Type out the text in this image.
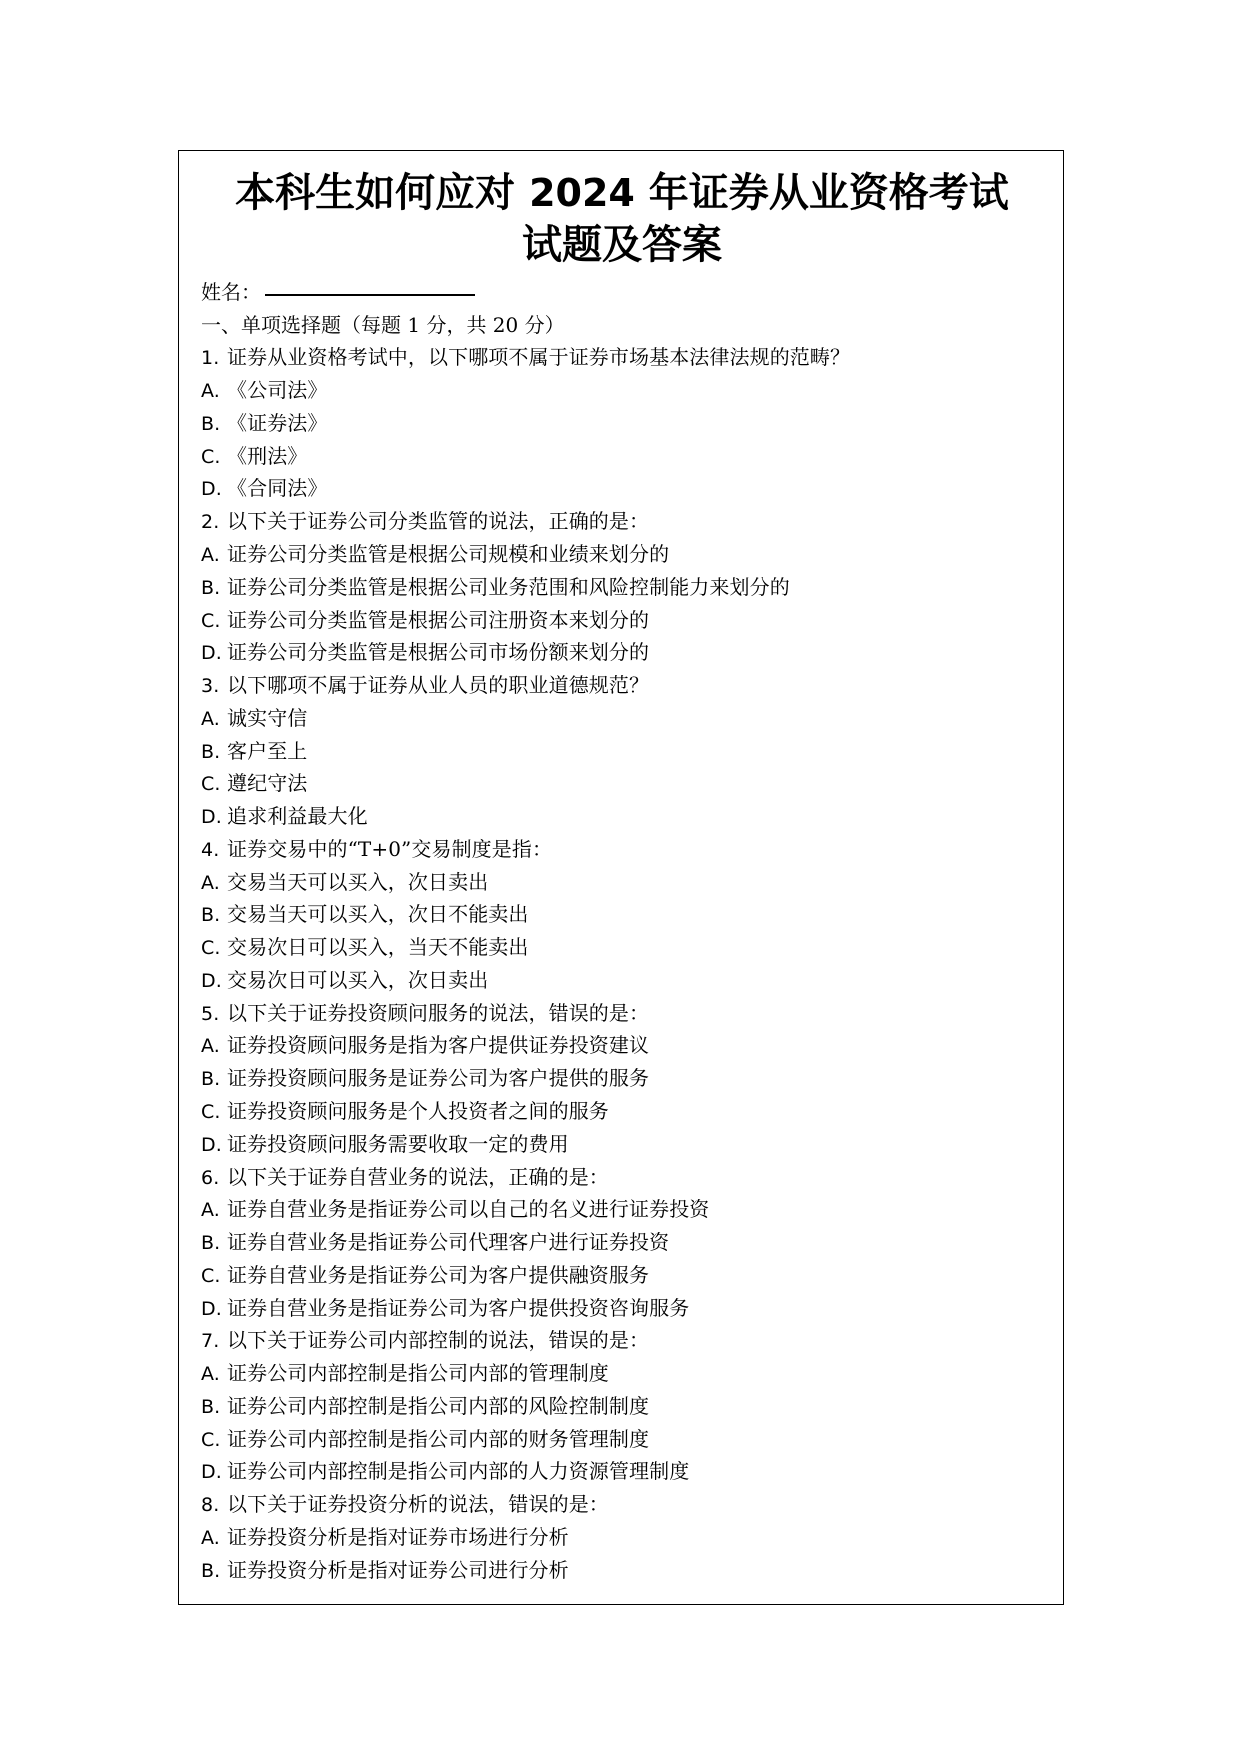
本科生如何应对 2024 年证券从业资格考试
试题及答案
姓名：
一、单项选择题（每题 1 分，共 20 分）
1. 证券从业资格考试中，以下哪项不属于证券市场基本法律法规的范畴？
A. 《公司法》
B. 《证券法》
C. 《刑法》
D. 《合同法》
2. 以下关于证券公司分类监管的说法，正确的是：
A. 证券公司分类监管是根据公司规模和业绩来划分的
B. 证券公司分类监管是根据公司业务范围和风险控制能力来划分的
C. 证券公司分类监管是根据公司注册资本来划分的
D. 证券公司分类监管是根据公司市场份额来划分的
3. 以下哪项不属于证券从业人员的职业道德规范？
A. 诚实守信
B. 客户至上
C. 遵纪守法
D. 追求利益最大化
4. 证券交易中的“T+0”交易制度是指：
A. 交易当天可以买入，次日卖出
B. 交易当天可以买入，次日不能卖出
C. 交易次日可以买入，当天不能卖出
D. 交易次日可以买入，次日卖出
5. 以下关于证券投资顾问服务的说法，错误的是：
A. 证券投资顾问服务是指为客户提供证券投资建议
B. 证券投资顾问服务是证券公司为客户提供的服务
C. 证券投资顾问服务是个人投资者之间的服务
D. 证券投资顾问服务需要收取一定的费用
6. 以下关于证券自营业务的说法，正确的是：
A. 证券自营业务是指证券公司以自己的名义进行证券投资
B. 证券自营业务是指证券公司代理客户进行证券投资
C. 证券自营业务是指证券公司为客户提供融资服务
D. 证券自营业务是指证券公司为客户提供投资咨询服务
7. 以下关于证券公司内部控制的说法，错误的是：
A. 证券公司内部控制是指公司内部的管理制度
B. 证券公司内部控制是指公司内部的风险控制制度
C. 证券公司内部控制是指公司内部的财务管理制度
D. 证券公司内部控制是指公司内部的人力资源管理制度
8. 以下关于证券投资分析的说法，错误的是：
A. 证券投资分析是指对证券市场进行分析
B. 证券投资分析是指对证券公司进行分析
